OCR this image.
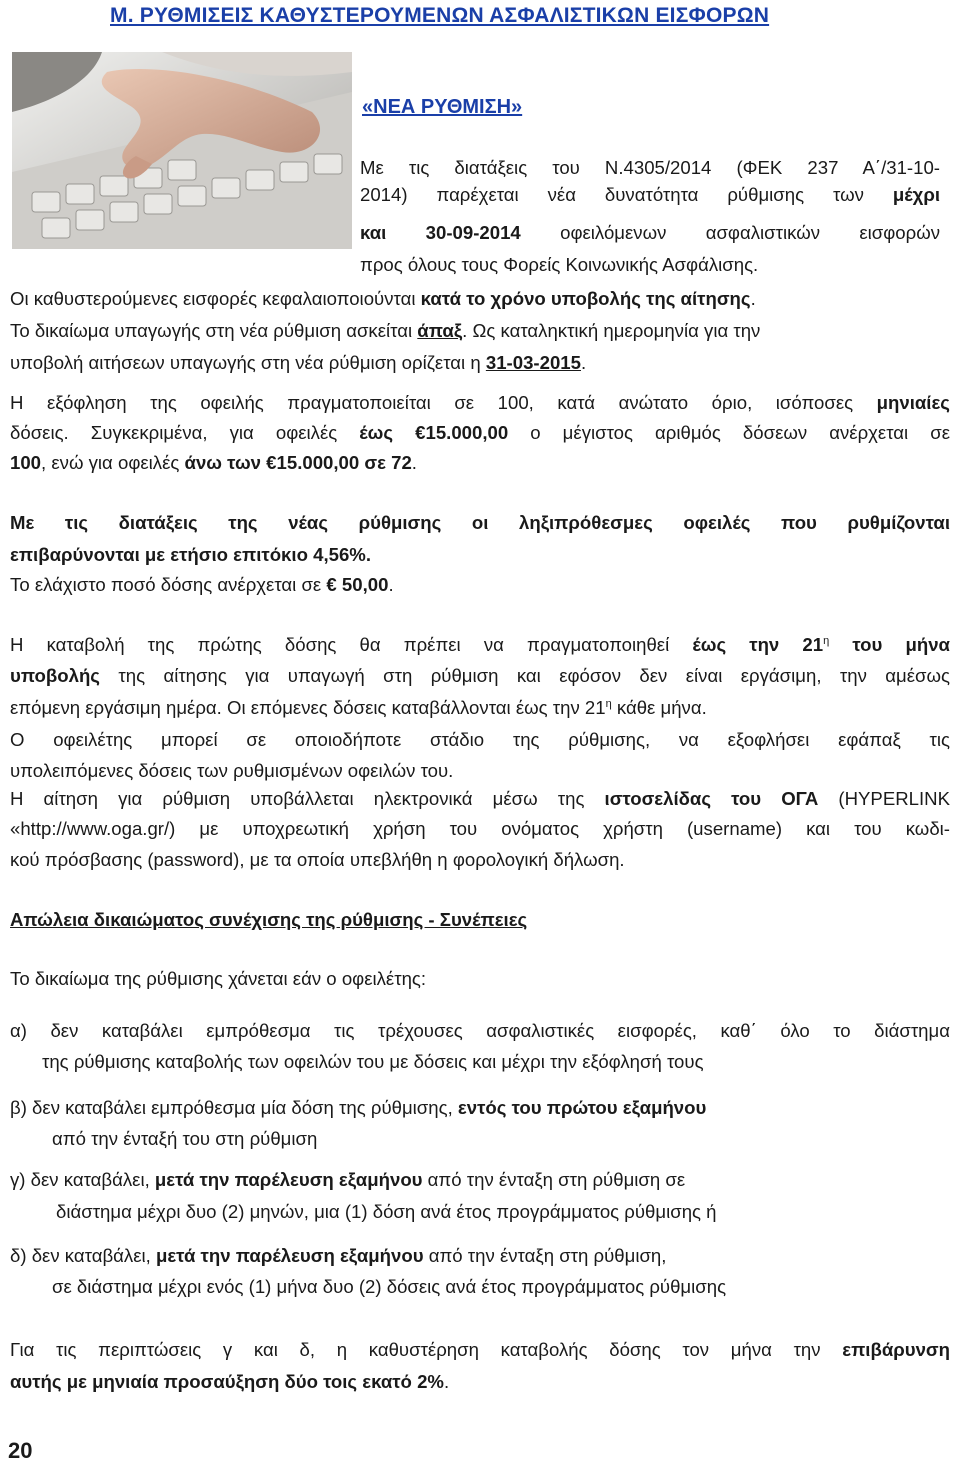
M. ΡΥΘΜΙΣΕΙΣ ΚΑΘΥΣΤΕΡΟΥΜΕΝΩΝ ΑΣΦΑΛΙΣΤΙΚΩΝ ΕΙΣΦΟΡΩΝ
«ΝΕΑ ΡΥΘΜΙΣΗ»
Με τις διατάξεις του Ν.4305/2014 (ΦΕΚ 237 Α΄/31-10-
2014) παρέχεται νέα δυνατότητα ρύθμισης των μέχρι
και 30-09-2014 οφειλόμενων ασφαλιστικών εισφορών
προς όλους τους Φορείς Κοινωνικής Ασφάλισης.
Οι καθυστερούμενες εισφορές κεφαλαιοποιούνται κατά το χρόνο υποβολής της αίτησης.
Το δικαίωμα υπαγωγής στη νέα ρύθμιση ασκείται άπαξ. Ως καταληκτική ημερομηνία για την
υποβολή αιτήσεων υπαγωγής στη νέα ρύθμιση ορίζεται η 31-03-2015.
Η εξόφληση της οφειλής πραγματοποιείται σε 100, κατά ανώτατο όριο, ισόποσες μηνιαίες
δόσεις. Συγκεκριμένα, για οφειλές έως €15.000,00 ο μέγιστος αριθμός δόσεων ανέρχεται σε
100, ενώ για οφειλές άνω των €15.000,00 σε 72.
Με τις διατάξεις της νέας ρύθμισης οι ληξιπρόθεσμες οφειλές που ρυθμίζονται
επιβαρύνονται με ετήσιο επιτόκιο 4,56%.
Το ελάχιστο ποσό δόσης ανέρχεται σε € 50,00.
Η καταβολή της πρώτης δόσης θα πρέπει να πραγματοποιηθεί έως την $21^\eta$ του μήνα
υποβολής της αίτησης για υπαγωγή στη ρύθμιση και εφόσον δεν είναι εργάσιμη, την αμέσως
επόμενη εργάσιμη ημέρα. Οι επόμενες δόσεις καταβάλλονται έως την $21^\eta$ κάθε μήνα.
Ο οφειλέτης μπορεί σε οποιοδήποτε στάδιο της ρύθμισης, να εξοφλήσει εφάπαξ τις
υπολειπόμενες δόσεις των ρυθμισμένων οφειλών του.
Η αίτηση για ρύθμιση υποβάλλεται ηλεκτρονικά μέσω της ιστοσελίδας του ΟΓΑ (HYPERLINK
«http://www.oga.gr/) με υποχρεωτική χρήση του ονόματος χρήστη (username) και του κωδι-
κού πρόσβασης (password), με τα οποία υπεβλήθη η φορολογική δήλωση.
Απώλεια δικαιώματος συνέχισης της ρύθμισης - Συνέπειες
Το δικαίωμα της ρύθμισης χάνεται εάν ο οφειλέτης:
α) δεν καταβάλει εμπρόθεσμα τις τρέχουσες ασφαλιστικές εισφορές, καθ΄ όλο το διάστημα
της ρύθμισης καταβολής των οφειλών του με δόσεις και μέχρι την εξόφλησή τους
β) δεν καταβάλει εμπρόθεσμα μία δόση της ρύθμισης, εντός του πρώτου εξαμήνου
από την ένταξή του στη ρύθμιση
γ) δεν καταβάλει, μετά την παρέλευση εξαμήνου από την ένταξη στη ρύθμιση σε
διάστημα μέχρι δυο (2) μηνών, μια (1) δόση ανά έτος προγράμματος ρύθμισης ή
δ) δεν καταβάλει, μετά την παρέλευση εξαμήνου από την ένταξη στη ρύθμιση,
σε διάστημα μέχρι ενός (1) μήνα δυο (2) δόσεις ανά έτος προγράμματος ρύθμισης
Για τις περιπτώσεις γ και δ, η καθυστέρηση καταβολής δόσης τον μήνα την επιβάρυνση
αυτής με μηνιαία προσαύξηση δύο τοις εκατό 2%.
20
